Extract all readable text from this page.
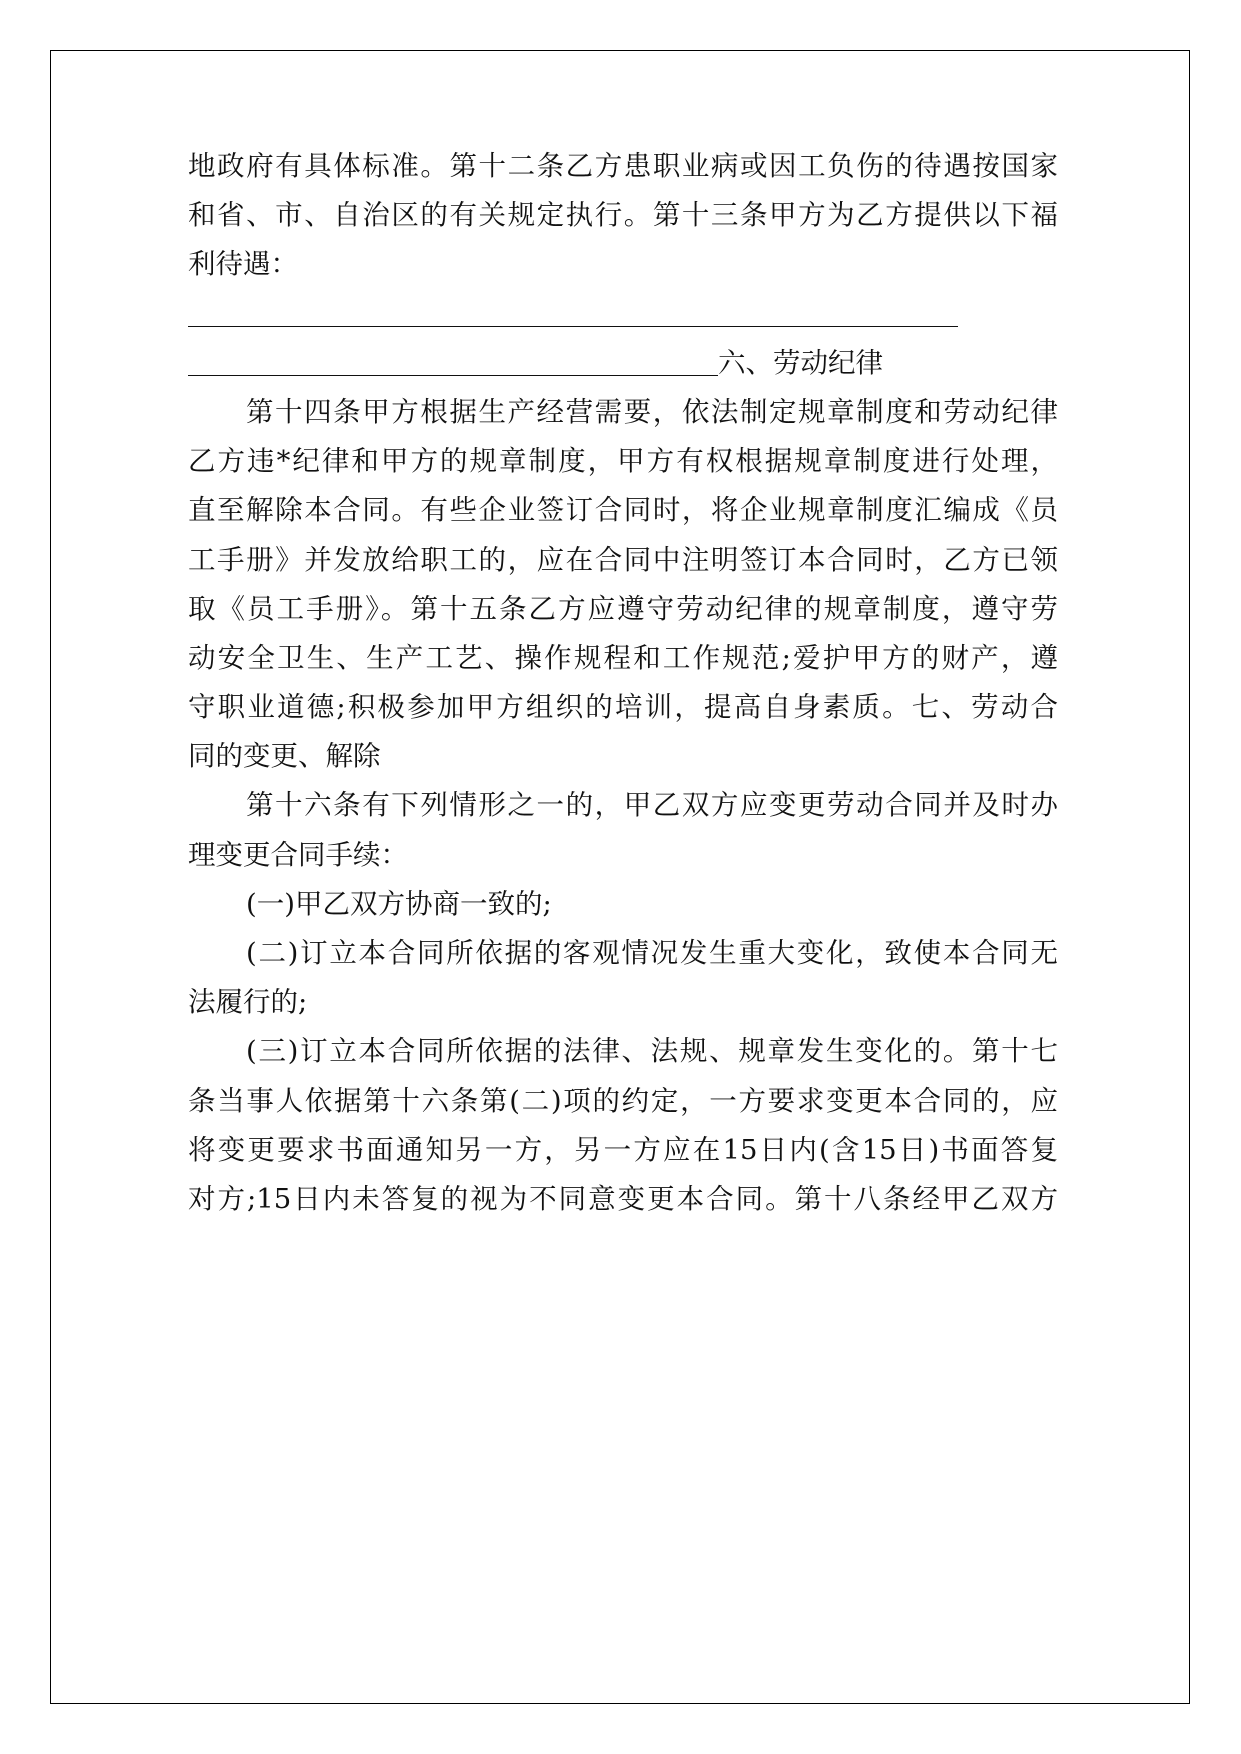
地政府有具体标准。第十二条乙方患职业病或因工负伤的待遇按国家
和省、市、自治区的有关规定执行。第十三条甲方为乙方提供以下福
利待遇：
六、劳动纪律
第十四条甲方根据生产经营需要，依法制定规章制度和劳动纪律
乙方违*纪律和甲方的规章制度，甲方有权根据规章制度进行处理，
直至解除本合同。有些企业签订合同时，将企业规章制度汇编成《员
工手册》并发放给职工的，应在合同中注明签订本合同时，乙方已领
取《员工手册》。第十五条乙方应遵守劳动纪律的规章制度，遵守劳
动安全卫生、生产工艺、操作规程和工作规范;爱护甲方的财产，遵
守职业道德;积极参加甲方组织的培训，提高自身素质。七、劳动合
同的变更、解除
第十六条有下列情形之一的，甲乙双方应变更劳动合同并及时办
理变更合同手续：
(一)甲乙双方协商一致的;
(二)订立本合同所依据的客观情况发生重大变化，致使本合同无
法履行的;
(三)订立本合同所依据的法律、法规、规章发生变化的。第十七
条当事人依据第十六条第(二)项的约定，一方要求变更本合同的，应
将变更要求书面通知另一方，另一方应在15日内(含15日)书面答复
对方;15日内未答复的视为不同意变更本合同。第十八条经甲乙双方
